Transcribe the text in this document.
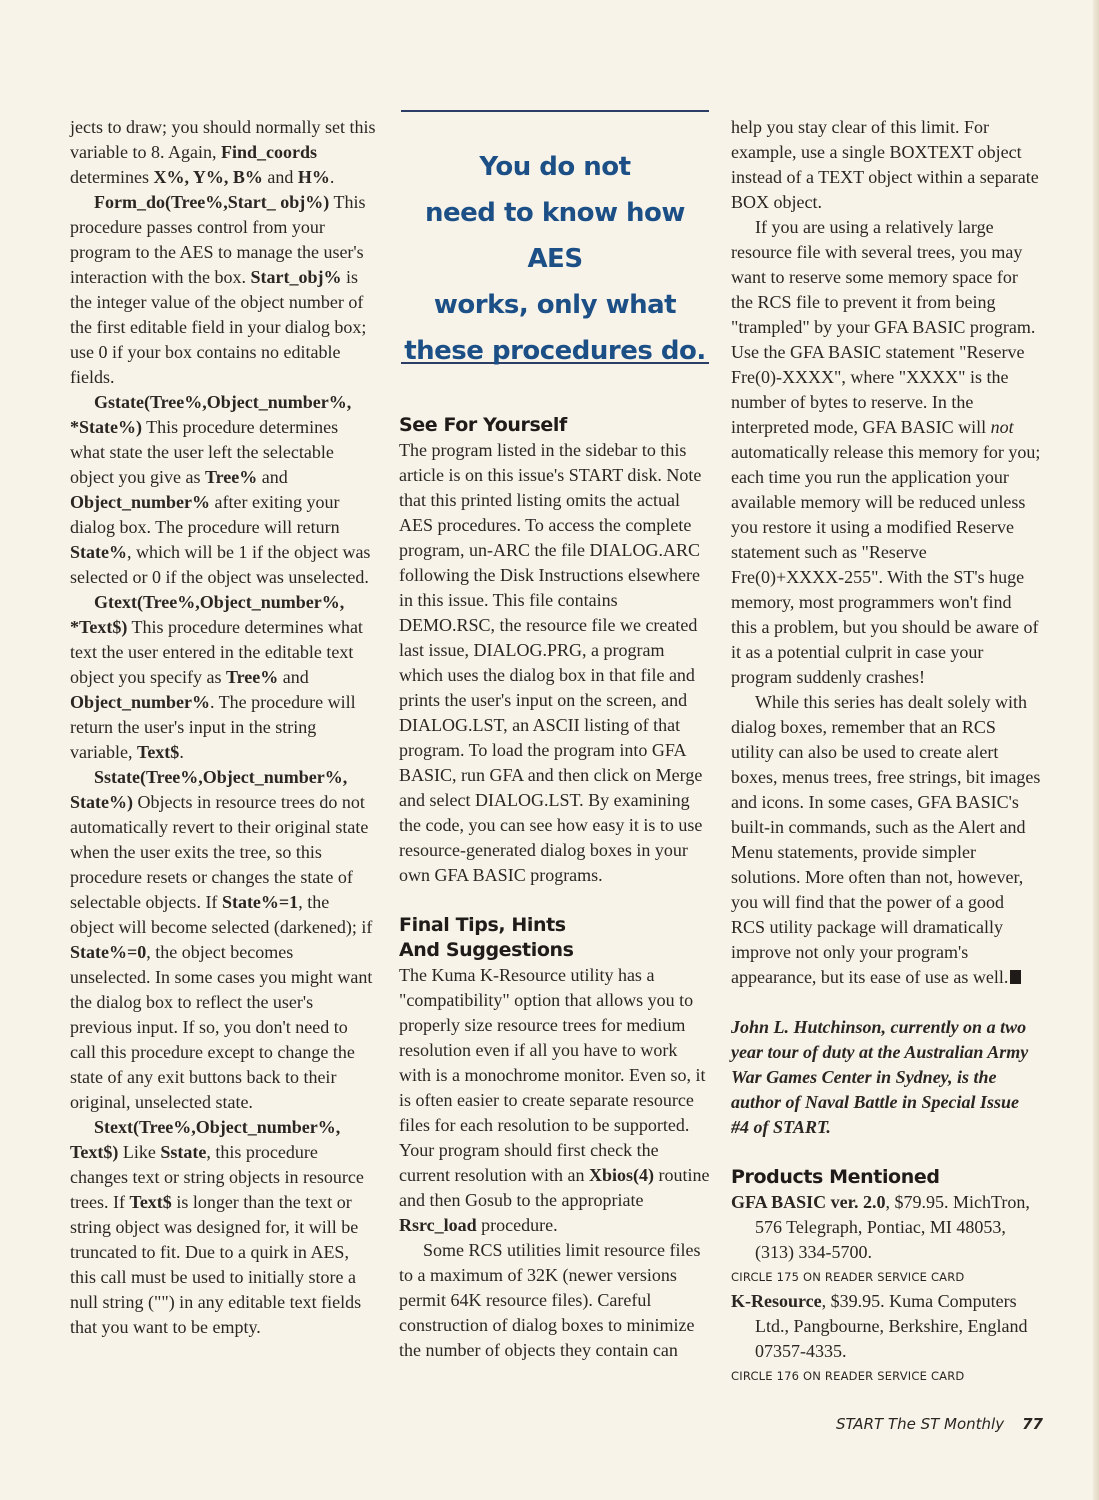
jects to draw; you should normally set this variable to 8. Again, Find_coords determines X%, Y%, B% and H%.

Form_do(Tree%,Start_ obj%) This procedure passes control from your program to the AES to manage the user's interaction with the box. Start_obj% is the integer value of the object number of the first editable field in your dialog box; use 0 if your box contains no editable fields.

Gstate(Tree%,Object_number%, *State%) This procedure determines what state the user left the selectable object you give as Tree% and Object_number% after exiting your dialog box. The procedure will return State%, which will be 1 if the object was selected or 0 if the object was unselected.

Gtext(Tree%,Object_number%, *Text$) This procedure determines what text the user entered in the editable text object you specify as Tree% and Object_number%. The procedure will return the user's input in the string variable, Text$.

Sstate(Tree%,Object_number%, State%) Objects in resource trees do not automatically revert to their original state when the user exits the tree, so this procedure resets or changes the state of selectable objects. If State%=1, the object will become selected (darkened); if State%=0, the object becomes unselected. In some cases you might want the dialog box to reflect the user's previous input. If so, you don't need to call this procedure except to change the state of any exit buttons back to their original, unselected state.

Stext(Tree%,Object_number%, Text$) Like Sstate, this procedure changes text or string objects in resource trees. If Text$ is longer than the text or string object was designed for, it will be truncated to fit. Due to a quirk in AES, this call must be used to initially store a null string ("") in any editable text fields that you want to be empty.

You do not
need to know how AES
works, only what
these procedures do.
See For Yourself

The program listed in the sidebar to this article is on this issue's START disk. Note that this printed listing omits the actual AES procedures. To access the complete program, un-ARC the file DIALOG.ARC following the Disk Instructions elsewhere in this issue. This file contains DEMO.RSC, the resource file we created last issue, DIALOG.PRG, a program which uses the dialog box in that file and prints the user's input on the screen, and DIALOG.LST, an ASCII listing of that program. To load the program into GFA BASIC, run GFA and then click on Merge and select DIALOG.LST. By examining the code, you can see how easy it is to use resource-generated dialog boxes in your own GFA BASIC programs.

Final Tips, Hints
And Suggestions

The Kuma K-Resource utility has a "compatibility" option that allows you to properly size resource trees for medium resolution even if all you have to work with is a monochrome monitor. Even so, it is often easier to create separate resource files for each resolution to be supported. Your program should first check the current resolution with an Xbios(4) routine and then Gosub to the appropriate Rsrc_load procedure.

Some RCS utilities limit resource files to a maximum of 32K (newer versions permit 64K resource files). Careful construction of dialog boxes to minimize the number of objects they contain can

help you stay clear of this limit. For example, use a single BOXTEXT object instead of a TEXT object within a separate BOX object.

If you are using a relatively large resource file with several trees, you may want to reserve some memory space for the RCS file to prevent it from being "trampled" by your GFA BASIC program. Use the GFA BASIC statement "Reserve Fre(0)-XXXX", where "XXXX" is the number of bytes to reserve. In the interpreted mode, GFA BASIC will not automatically release this memory for you; each time you run the application your available memory will be reduced unless you restore it using a modified Reserve statement such as "Reserve Fre(0)+XXXX-255". With the ST's huge memory, most programmers won't find this a problem, but you should be aware of it as a potential culprit in case your program suddenly crashes!

While this series has dealt solely with dialog boxes, remember that an RCS utility can also be used to create alert boxes, menus trees, free strings, bit images and icons. In some cases, GFA BASIC's built-in commands, such as the Alert and Menu statements, provide simpler solutions. More often than not, however, you will find that the power of a good RCS utility package will dramatically improve not only your program's appearance, but its ease of use as well.

John L. Hutchinson, currently on a two year tour of duty at the Australian Army War Games Center in Sydney, is the author of Naval Battle in Special Issue #4 of START.

Products Mentioned

GFA BASIC ver. 2.0, $79.95. MichTron, 576 Telegraph, Pontiac, MI 48053, (313) 334-5700.

CIRCLE 175 ON READER SERVICE CARD

K-Resource, $39.95. Kuma Computers Ltd., Pangbourne, Berkshire, England 07357-4335.

CIRCLE 176 ON READER SERVICE CARD
START The ST Monthly 77
